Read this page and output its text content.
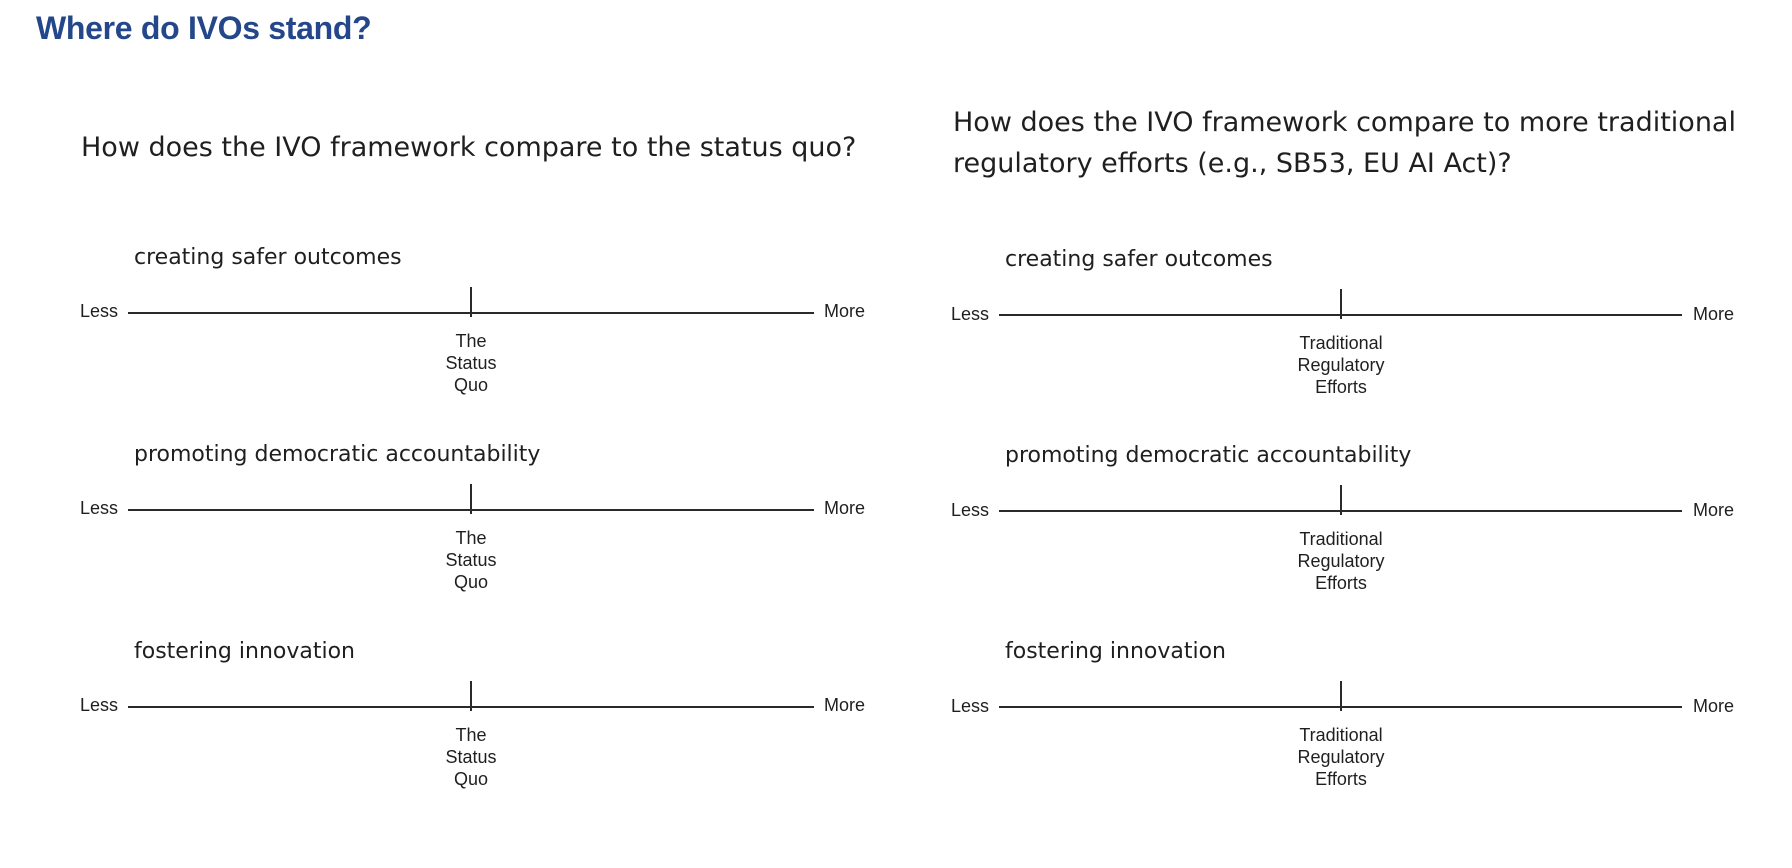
Where do IVOs stand?
How does the IVO framework compare to the status quo?
creating safer outcomes
Less	More
The
Status
Quo
promoting democratic accountability
Less	More
The
Status
Quo
fostering innovation
Less	More
The
Status
Quo
How does the IVO framework compare to more traditional
regulatory efforts (e.g., SB53, EU AI Act)?
creating safer outcomes
Less	More
Traditional
Regulatory
Efforts
promoting democratic accountability
Less	More
Traditional
Regulatory
Efforts
fostering innovation
Less	More
Traditional
Regulatory
Efforts
